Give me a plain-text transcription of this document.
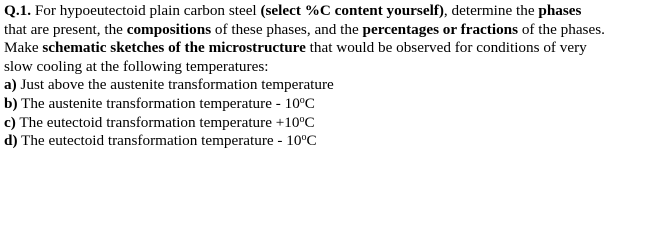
Q.1. For hypoeutectoid plain carbon steel (select %C content yourself), determine the phases
that are present, the compositions of these phases, and the percentages or fractions of the phases.
Make schematic sketches of the microstructure that would be observed for conditions of very
slow cooling at the following temperatures:

a) Just above the austenite transformation temperature
b) The austenite transformation temperature - 10$^o$C
c) The eutectoid transformation temperature $+10^oC$
d) The eutectoid transformation temperature - 10$^o$C
